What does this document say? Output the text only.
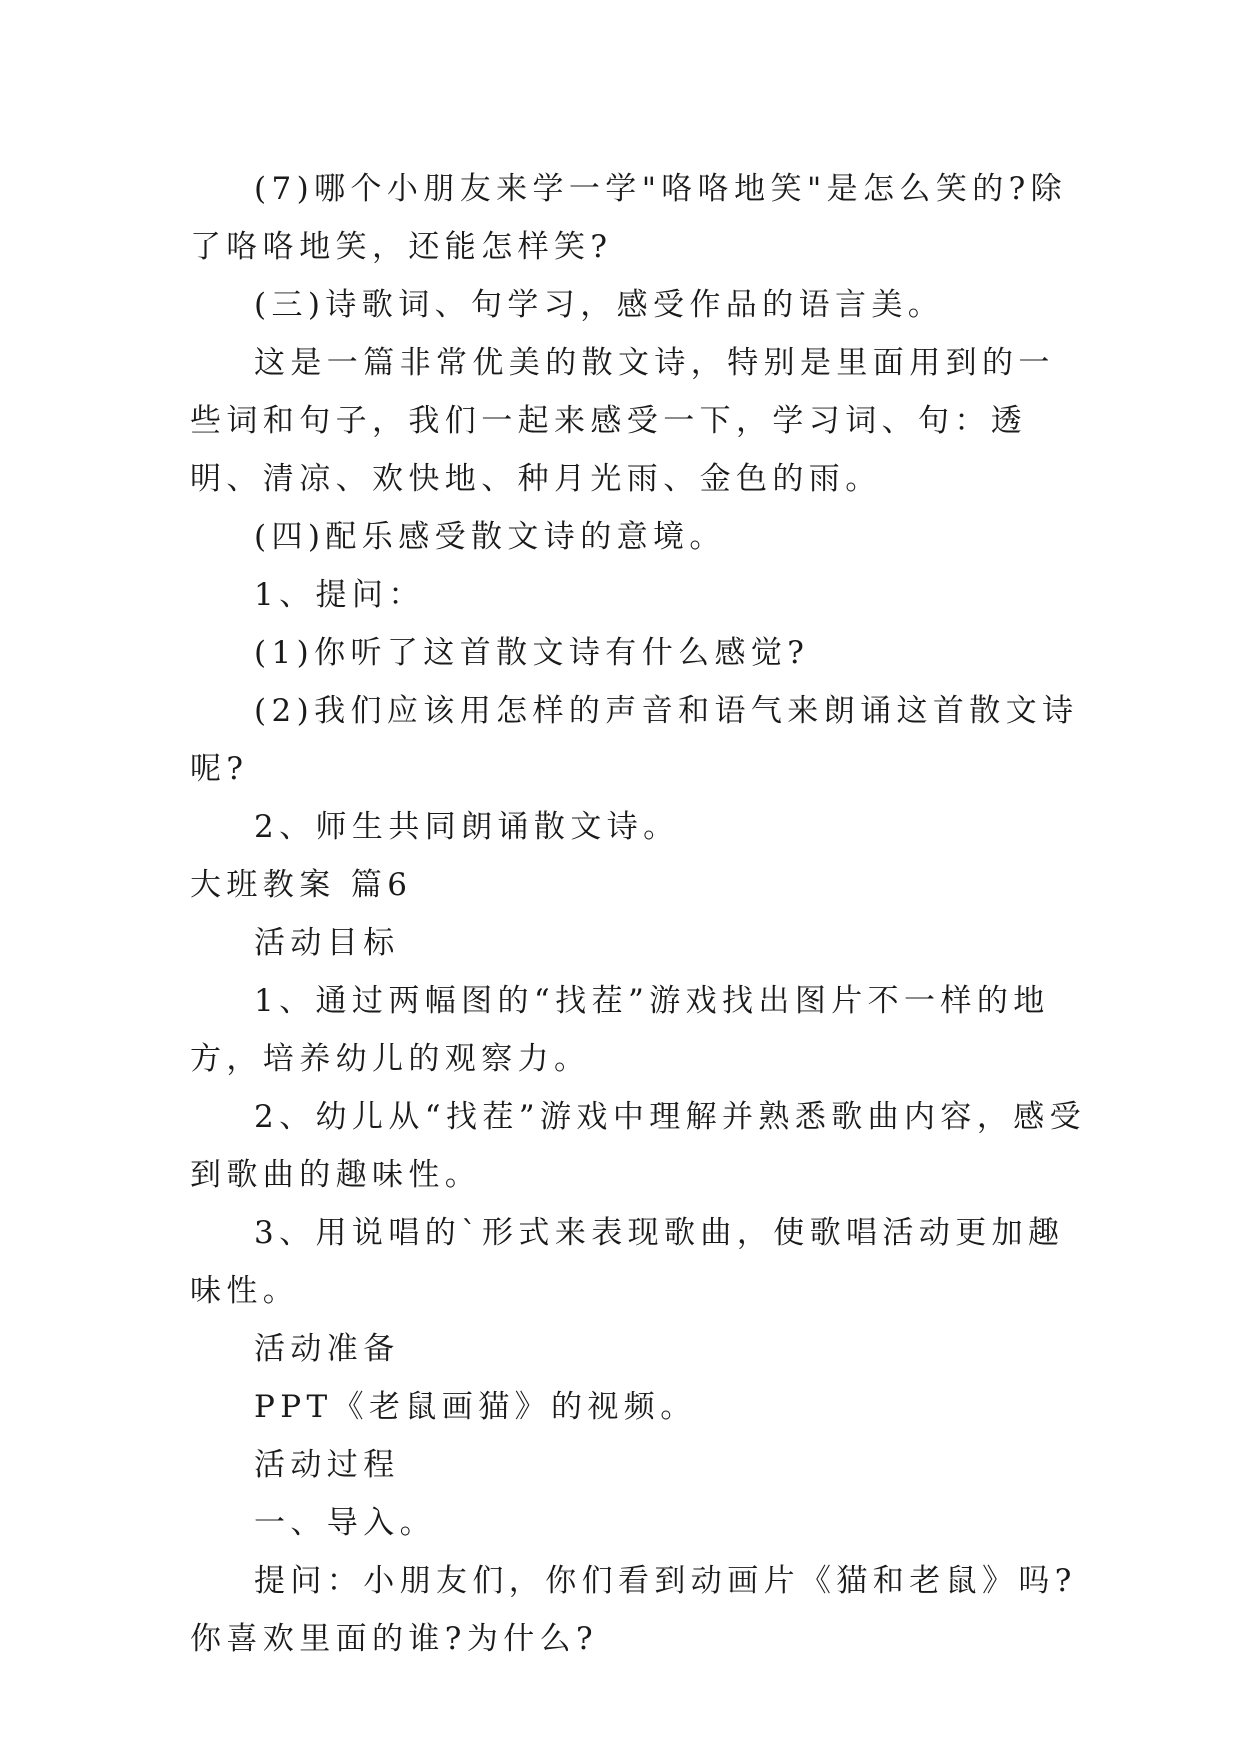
(7)哪个小朋友来学一学"咯咯地笑"是怎么笑的?除了咯咯地笑，还能怎样笑?

(三)诗歌词、句学习，感受作品的语言美。

这是一篇非常优美的散文诗，特别是里面用到的一些词和句子，我们一起来感受一下，学习词、句：透明、清凉、欢快地、种月光雨、金色的雨。

(四)配乐感受散文诗的意境。

1、提问：

(1)你听了这首散文诗有什么感觉?

(2)我们应该用怎样的声音和语气来朗诵这首散文诗呢?

2、师生共同朗诵散文诗。

大班教案 篇6

活动目标

1、通过两幅图的“找茬”游戏找出图片不一样的地方，培养幼儿的观察力。

2、幼儿从“找茬”游戏中理解并熟悉歌曲内容，感受到歌曲的趣味性。

3、用说唱的`形式来表现歌曲，使歌唱活动更加趣味性。

活动准备

PPT《老鼠画猫》的视频。

活动过程

一、导入。

提问：小朋友们，你们看到动画片《猫和老鼠》吗?你喜欢里面的谁?为什么?
